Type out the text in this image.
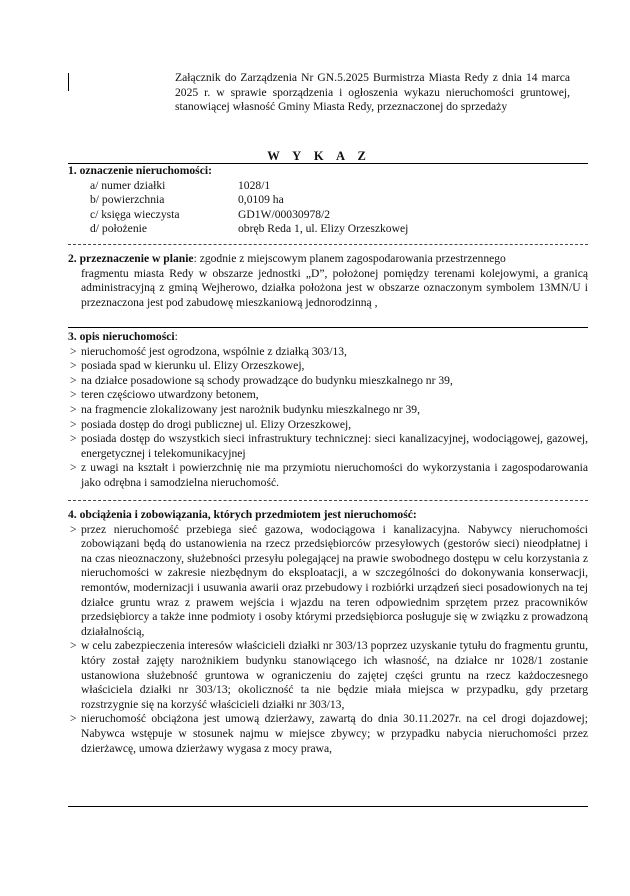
Załącznik do Zarządzenia Nr GN.5.2025 Burmistrza Miasta Redy z dnia 14 marca 2025 r. w sprawie sporządzenia i ogłoszenia wykazu nieruchomości gruntowej, stanowiącej własność Gminy Miasta Redy, przeznaczonej do sprzedaży
W Y K A Z
1. oznaczenie nieruchomości:
a/ numer działki	1028/1
b/ powierzchnia	0,0109 ha
c/ księga wieczysta	GD1W/00030978/2
d/ położenie	obręb Reda 1, ul. Elizy Orzeszkowej
2. przeznaczenie w planie: zgodnie z miejscowym planem zagospodarowania przestrzennego
fragmentu miasta Redy w obszarze jednostki „D”, położonej pomiędzy terenami kolejowymi, a granicą administracyjną z gminą Wejherowo, działka położona jest w obszarze oznaczonym symbolem 13MN/U i przeznaczona jest pod zabudowę mieszkaniową jednorodzinną ,
3. opis nieruchomości:
> nieruchomość jest ogrodzona, wspólnie z działką 303/13,
> posiada spad w kierunku ul. Elizy Orzeszkowej,
> na działce posadowione są schody prowadzące do budynku mieszkalnego nr 39,
> teren częściowo utwardzony betonem,
> na fragmencie zlokalizowany jest narożnik budynku mieszkalnego nr 39,
> posiada dostęp do drogi publicznej ul. Elizy Orzeszkowej,
> posiada dostęp do wszystkich sieci infrastruktury technicznej: sieci kanalizacyjnej, wodociągowej, gazowej, energetycznej i telekomunikacyjnej
> z uwagi na kształt i powierzchnię nie ma przymiotu nieruchomości do wykorzystania i zagospodarowania jako odrębna i samodzielna nieruchomość.
4. obciążenia i zobowiązania, których przedmiotem jest nieruchomość:
> przez nieruchomość przebiega sieć gazowa, wodociągowa i kanalizacyjna. Nabywcy nieruchomości zobowiązani będą do ustanowienia na rzecz przedsiębiorców przesyłowych (gestorów sieci) nieodpłatnej i na czas nieoznaczony, służebności przesyłu polegającej na prawie swobodnego dostępu w celu korzystania z nieruchomości w zakresie niezbędnym do eksploatacji, a w szczególności do dokonywania konserwacji, remontów, modernizacji i usuwania awarii oraz przebudowy i rozbiórki urządzeń sieci posadowionych na tej działce gruntu wraz z prawem wejścia i wjazdu na teren odpowiednim sprzętem przez pracowników przedsiębiorcy a także inne podmioty i osoby którymi przedsiębiorca posługuje się w związku z prowadzoną działalnością,
> w celu zabezpieczenia interesów właścicieli działki nr 303/13 poprzez uzyskanie tytułu do fragmentu gruntu, który został zajęty narożnikiem budynku stanowiącego ich własność, na działce nr 1028/1 zostanie ustanowiona służebność gruntowa w ograniczeniu do zajętej części gruntu na rzecz każdoczesnego właściciela działki nr 303/13; okoliczność ta nie będzie miała miejsca w przypadku, gdy przetarg rozstrzygnie się na korzyść właścicieli działki nr 303/13,
> nieruchomość obciążona jest umową dzierżawy, zawartą do dnia 30.11.2027r. na cel drogi dojazdowej; Nabywca wstępuje w stosunek najmu w miejsce zbywcy; w przypadku nabycia nieruchomości przez dzierżawcę, umowa dzierżawy wygasa z mocy prawa,
